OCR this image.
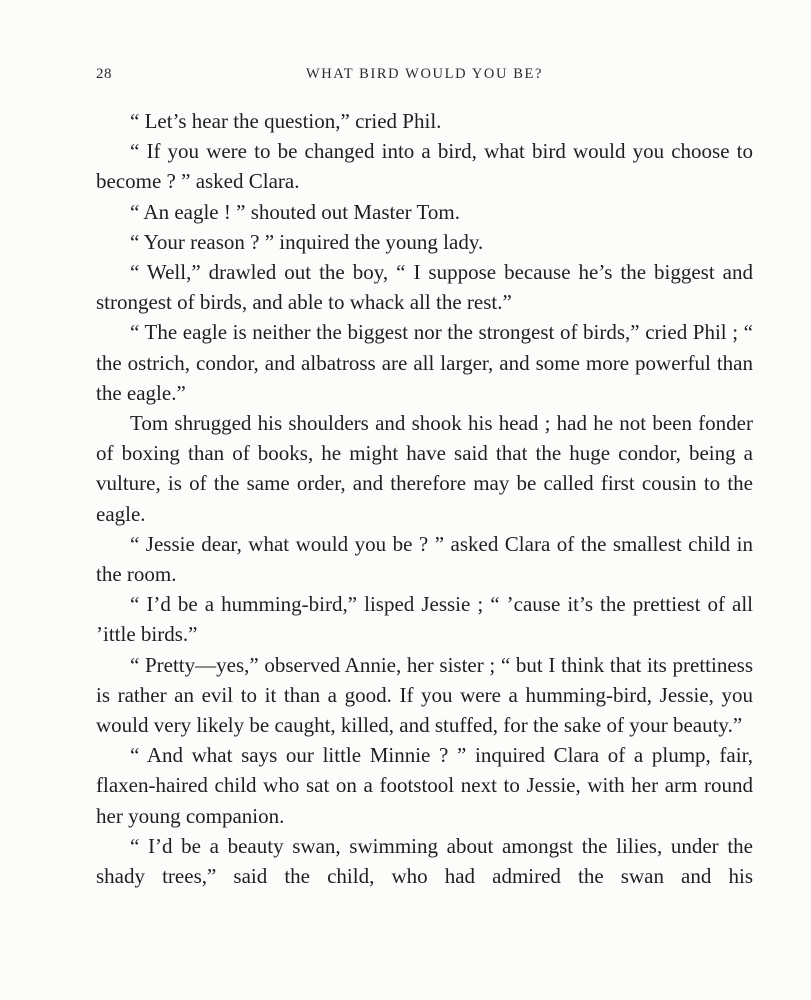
28	WHAT BIRD WOULD YOU BE?

“ Let’s hear the question,” cried Phil.

“ If you were to be changed into a bird, what bird would you choose to become ? ” asked Clara.

“ An eagle ! ” shouted out Master Tom.

“ Your reason ? ” inquired the young lady.

“ Well,” drawled out the boy, “ I suppose because he’s the biggest and strongest of birds, and able to whack all the rest.”

“ The eagle is neither the biggest nor the strongest of birds,” cried Phil ; “ the ostrich, condor, and albatross are all larger, and some more powerful than the eagle.”

Tom shrugged his shoulders and shook his head ; had he not been fonder of boxing than of books, he might have said that the huge condor, being a vulture, is of the same order, and therefore may be called first cousin to the eagle.

“ Jessie dear, what would you be ? ” asked Clara of the smallest child in the room.

“ I’d be a humming-bird,” lisped Jessie ; “ ’cause it’s the prettiest of all ’ittle birds.”

“ Pretty—yes,” observed Annie, her sister ; “ but I think that its prettiness is rather an evil to it than a good. If you were a humming-bird, Jessie, you would very likely be caught, killed, and stuffed, for the sake of your beauty.”

“ And what says our little Minnie ? ” inquired Clara of a plump, fair, flaxen-haired child who sat on a footstool next to Jessie, with her arm round her young companion.

“ I’d be a beauty swan, swimming about amongst the lilies, under the shady trees,” said the child, who had admired the swan and his
